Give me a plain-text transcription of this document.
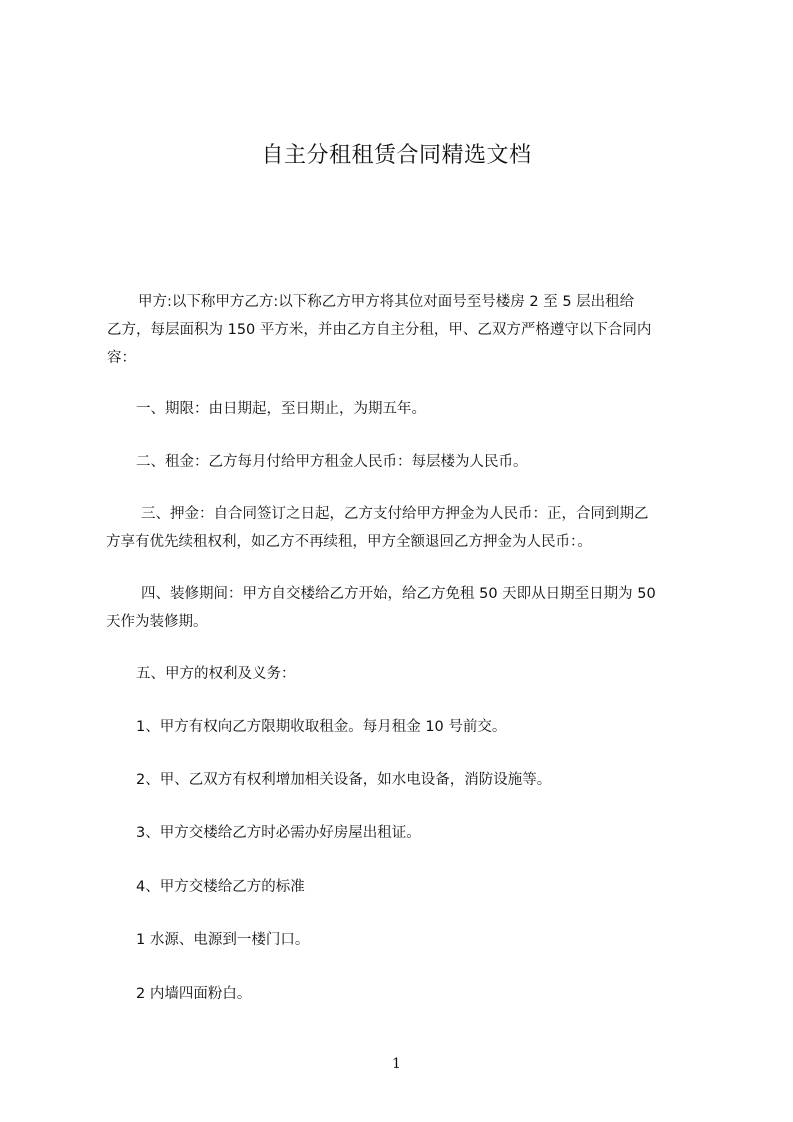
自主分租租赁合同精选文档
甲方:以下称甲方乙方:以下称乙方甲方将其位对面号至号楼房 2 至 5 层出租给
乙方，每层面积为 150 平方米，并由乙方自主分租，甲、乙双方严格遵守以下合同内
容：
一、期限：由日期起，至日期止，为期五年。
二、租金：乙方每月付给甲方租金人民币：每层楼为人民币。
三、押金：自合同签订之日起，乙方支付给甲方押金为人民币：正，合同到期乙
方享有优先续租权利，如乙方不再续租，甲方全额退回乙方押金为人民币：。
四、装修期间：甲方自交楼给乙方开始，给乙方免租 50 天即从日期至日期为 50
天作为装修期。
五、甲方的权利及义务：
1、甲方有权向乙方限期收取租金。每月租金 10 号前交。
2、甲、乙双方有权利增加相关设备，如水电设备，消防设施等。
3、甲方交楼给乙方时必需办好房屋出租证。
4、甲方交楼给乙方的标准
1 水源、电源到一楼门口。
2 内墙四面粉白。
1
